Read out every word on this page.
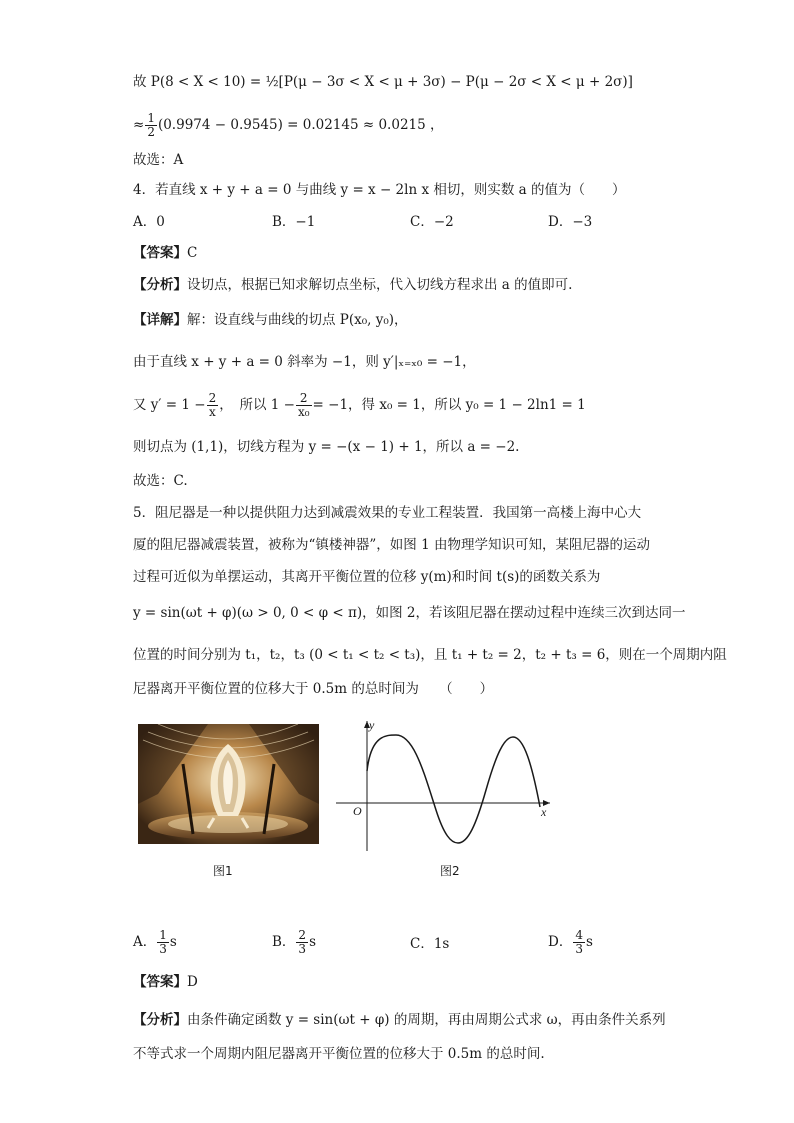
故 P(8 < X < 10) = ½[P(μ − 3σ < X < μ + 3σ) − P(μ − 2σ < X < μ + 2σ)]
≈ $\frac{1}{2} (0.9974 - 0.9545) = 0.02145 \approx 0.0215$ ，
故选：A
4．若直线 x + y + a = 0 与曲线 y = x − 2ln x 相切，则实数 a 的值为（　　）
A．0	B．−1	C．−2	D．−3
【答案】C
【分析】设切点，根据已知求解切点坐标，代入切线方程求出 a 的值即可.
【详解】解：设直线与曲线的切点 P(x₀, y₀)，
由于直线 x + y + a = 0 斜率为 −1，则 y′|ₓ₌ₓ₀ = −1，
又 $y' = 1 - \frac{2}{x}$ ，　所以 $1 - \frac{2}{\text{x₀}} = -1$，得 x₀ = 1，所以 y₀ = 1 − 2ln1 = 1
则切点为 (1,1)，切线方程为 y = −(x − 1) + 1，所以 a = −2.
故选：C.
5．阻尼器是一种以提供阻力达到减震效果的专业工程装置．我国第一高楼上海中心大
厦的阻尼器减震装置，被称为“镇楼神器”，如图 1 由物理学知识可知，某阻尼器的运动
过程可近似为单摆运动，其离开平衡位置的位移 y(m)和时间 t(s)的函数关系为
y = sin(ωt + φ)(ω > 0, 0 < φ < π)，如图 2，若该阻尼器在摆动过程中连续三次到达同一
位置的时间分别为 t₁，t₂，t₃ (0 < t₁ < t₂ < t₃)，且 t₁ + t₂ = 2，t₂ + t₃ = 6，则在一个周期内阻
尼器离开平衡位置的位移大于 0.5m 的总时间为　　（　　）
y
x
O
图1	图2
A． $\frac{1}{3}$ s	B． $\frac{2}{3}$ s	C．1s	D． $\frac{4}{3}$ s
【答案】D
【分析】由条件确定函数 y = sin(ωt + φ) 的周期，再由周期公式求 ω，再由条件关系列
不等式求一个周期内阻尼器离开平衡位置的位移大于 0.5m 的总时间.
